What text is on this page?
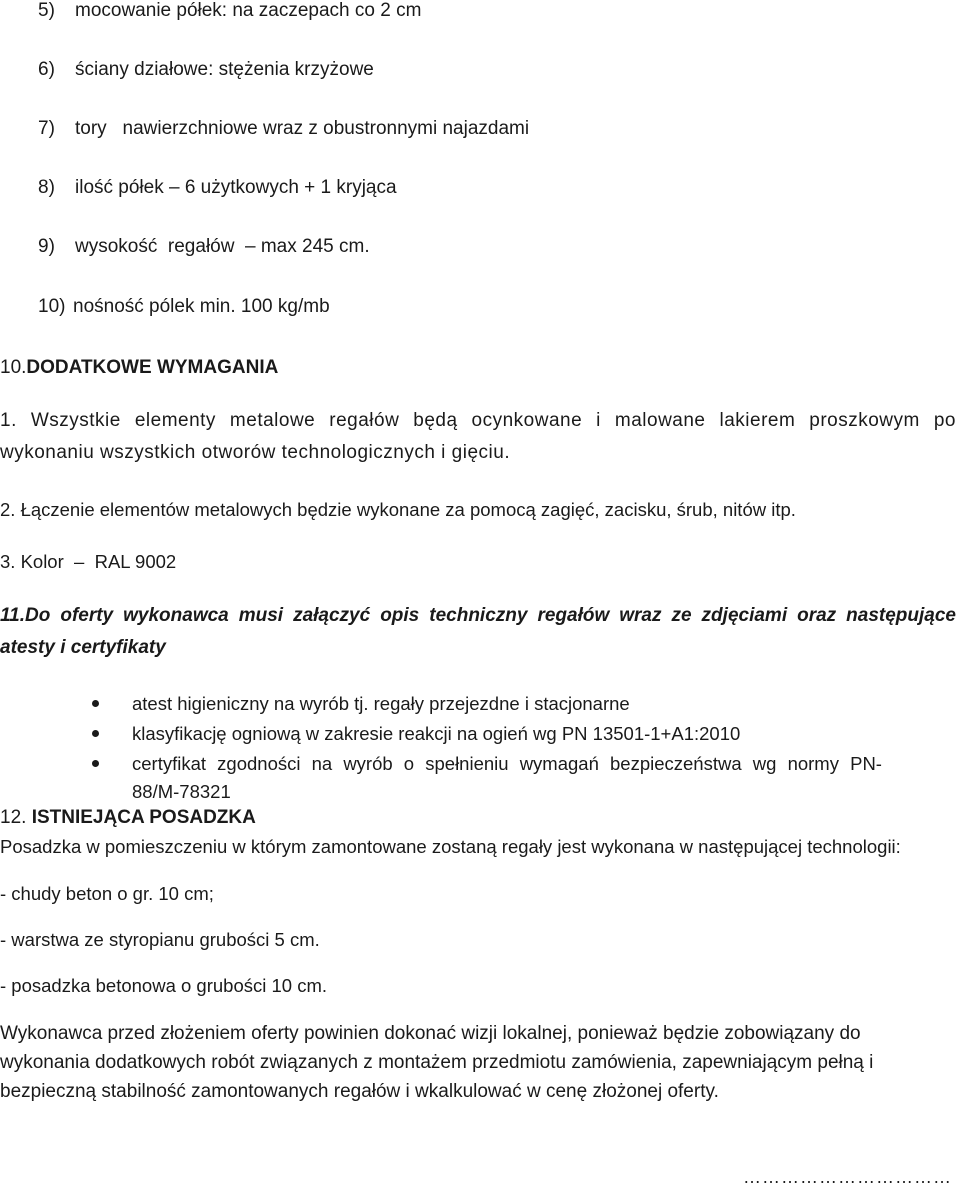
5) mocowanie półek: na zaczepach co 2 cm
6) ściany działowe: stężenia krzyżowe
7) tory   nawierzchniowe wraz z obustronnymi najazdami
8) ilość półek – 6 użytkowych + 1 kryjąca
9) wysokość  regałów  – max 245 cm.
10) nośność pólek min. 100 kg/mb
10.DODATKOWE WYMAGANIA
1. Wszystkie elementy metalowe regałów będą ocynkowane i malowane lakierem proszkowym po wykonaniu wszystkich otworów technologicznych i gięciu.
2. Łączenie elementów metalowych będzie wykonane za pomocą zagięć, zacisku, śrub, nitów itp.
3. Kolor  –  RAL 9002
11.Do oferty wykonawca musi załączyć opis techniczny regałów wraz ze zdjęciami oraz następujące atesty i certyfikaty
atest higieniczny na wyrób tj. regały przejezdne i stacjonarne
klasyfikację ogniową w zakresie reakcji na ogień wg PN 13501-1+A1:2010
certyfikat zgodności na wyrób o spełnieniu wymagań bezpieczeństwa wg normy PN-
88/M-78321
12. ISTNIEJĄCA POSADZKA
Posadzka w pomieszczeniu w którym zamontowane zostaną regały jest wykonana w następującej technologii:
- chudy beton o gr. 10 cm;
- warstwa ze styropianu grubości 5 cm.
- posadzka betonowa o grubości 10 cm.
Wykonawca przed złożeniem oferty powinien dokonać wizji lokalnej, ponieważ będzie zobowiązany do wykonania dodatkowych robót związanych z montażem przedmiotu zamówienia, zapewniającym pełną i bezpieczną stabilność zamontowanych regałów i wkalkulować w cenę złożonej oferty.
……………………………
